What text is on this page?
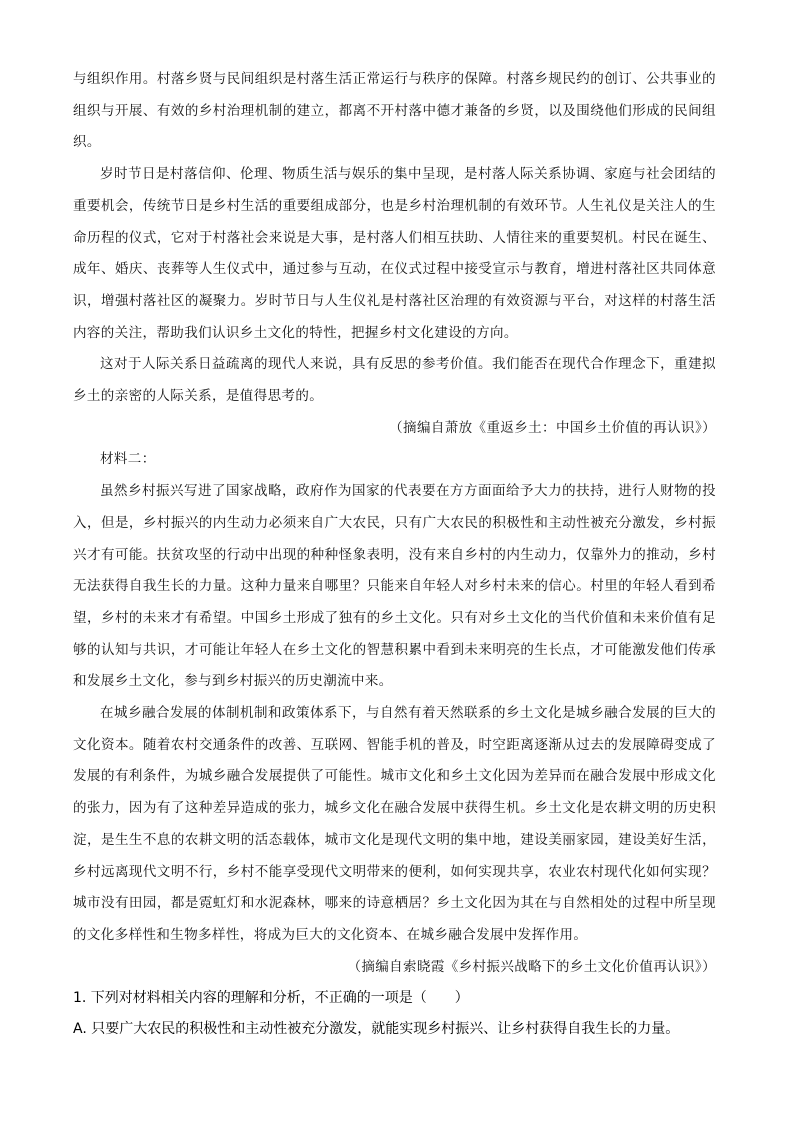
与组织作用。村落乡贤与民间组织是村落生活正常运行与秩序的保障。村落乡规民约的创订、公共事业的组织与开展、有效的乡村治理机制的建立，都离不开村落中德才兼备的乡贤，以及围绕他们形成的民间组织。

岁时节日是村落信仰、伦理、物质生活与娱乐的集中呈现，是村落人际关系协调、家庭与社会团结的重要机会，传统节日是乡村生活的重要组成部分，也是乡村治理机制的有效环节。人生礼仪是关注人的生命历程的仪式，它对于村落社会来说是大事，是村落人们相互扶助、人情往来的重要契机。村民在诞生、成年、婚庆、丧葬等人生仪式中，通过参与互动，在仪式过程中接受宣示与教育，增进村落社区共同体意识，增强村落社区的凝聚力。岁时节日与人生仪礼是村落社区治理的有效资源与平台，对这样的村落生活内容的关注，帮助我们认识乡土文化的特性，把握乡村文化建设的方向。

这对于人际关系日益疏离的现代人来说，具有反思的参考价值。我们能否在现代合作理念下，重建拟乡土的亲密的人际关系，是值得思考的。

（摘编自萧放《重返乡土：中国乡土价值的再认识》）

材料二：

虽然乡村振兴写进了国家战略，政府作为国家的代表要在方方面面给予大力的扶持，进行人财物的投入，但是，乡村振兴的内生动力必须来自广大农民，只有广大农民的积极性和主动性被充分激发，乡村振兴才有可能。扶贫攻坚的行动中出现的种种怪象表明，没有来自乡村的内生动力，仅靠外力的推动，乡村无法获得自我生长的力量。这种力量来自哪里？只能来自年轻人对乡村未来的信心。村里的年轻人看到希望，乡村的未来才有希望。中国乡土形成了独有的乡土文化。只有对乡土文化的当代价值和未来价值有足够的认知与共识，才可能让年轻人在乡土文化的智慧积累中看到未来明亮的生长点，才可能激发他们传承和发展乡土文化，参与到乡村振兴的历史潮流中来。

在城乡融合发展的体制机制和政策体系下，与自然有着天然联系的乡土文化是城乡融合发展的巨大的文化资本。随着农村交通条件的改善、互联网、智能手机的普及，时空距离逐渐从过去的发展障碍变成了发展的有利条件，为城乡融合发展提供了可能性。城市文化和乡土文化因为差异而在融合发展中形成文化的张力，因为有了这种差异造成的张力，城乡文化在融合发展中获得生机。乡土文化是农耕文明的历史积淀，是生生不息的农耕文明的活态载体，城市文化是现代文明的集中地，建设美丽家园，建设美好生活，乡村远离现代文明不行，乡村不能享受现代文明带来的便利，如何实现共享，农业农村现代化如何实现？城市没有田园，都是霓虹灯和水泥森林，哪来的诗意栖居？乡土文化因为其在与自然相处的过程中所呈现的文化多样性和生物多样性，将成为巨大的文化资本、在城乡融合发展中发挥作用。

（摘编自索晓霞《乡村振兴战略下的乡土文化价值再认识》）

1. 下列对材料相关内容的理解和分析，不正确的一项是（　　）

A. 只要广大农民的积极性和主动性被充分激发，就能实现乡村振兴、让乡村获得自我生长的力量。
